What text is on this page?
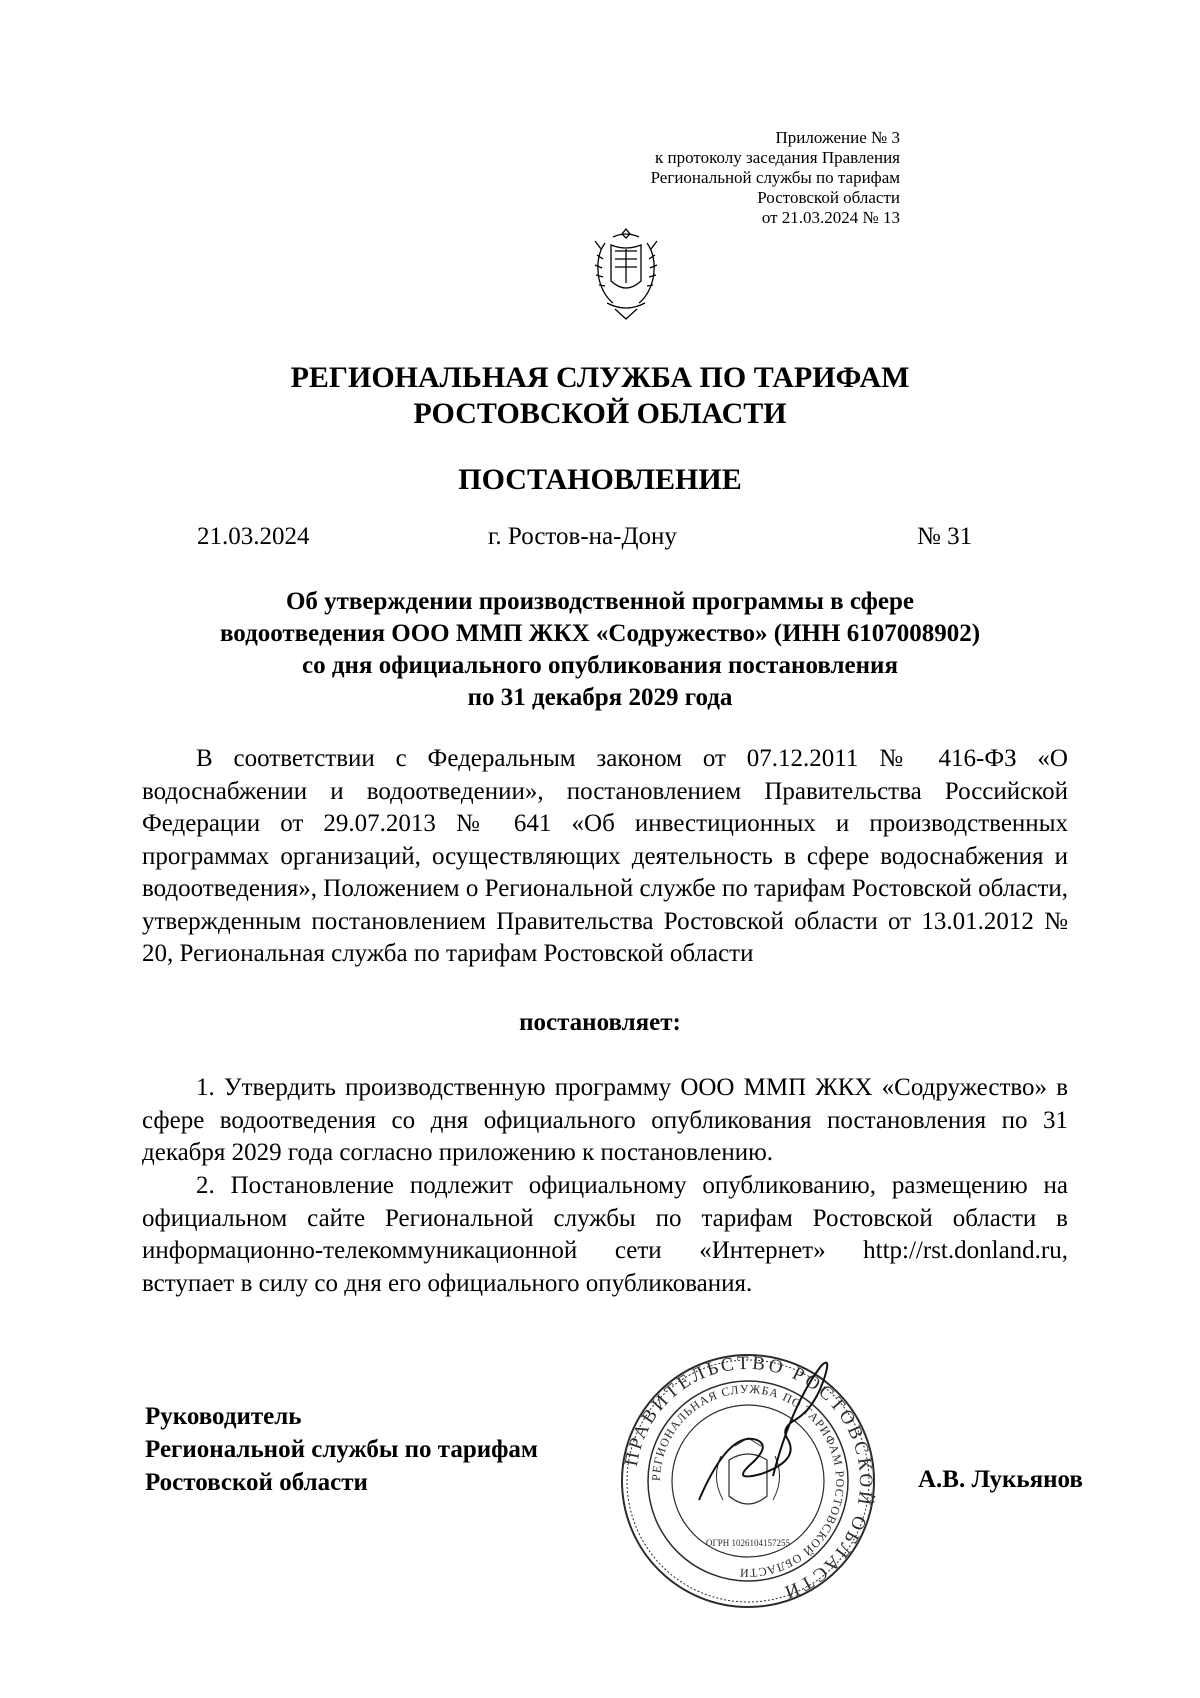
Приложение № 3
к протоколу заседания Правления
Региональной службы по тарифам
Ростовской области
от 21.03.2024 № 13
РЕГИОНАЛЬНАЯ СЛУЖБА ПО ТАРИФАМ
РОСТОВСКОЙ ОБЛАСТИ
ПОСТАНОВЛЕНИЕ
21.03.2024	г. Ростов-на-Дону	№ 31
Об утверждении производственной программы в сфере
водоотведения ООО ММП ЖКХ «Содружество» (ИНН 6107008902)
со дня официального опубликования постановления
по 31 декабря 2029 года
В соответствии с Федеральным законом от 07.12.2011 № 416-ФЗ «О водоснабжении и водоотведении», постановлением Правительства Российской Федерации от 29.07.2013 № 641 «Об инвестиционных и производственных программах организаций, осуществляющих деятельность в сфере водоснабжения и водоотведения», Положением о Региональной службе по тарифам Ростовской области, утвержденным постановлением Правительства Ростовской области от 13.01.2012 № 20, Региональная служба по тарифам Ростовской области
постановляет:
1. Утвердить производственную программу ООО ММП ЖКХ «Содружество» в сфере водоотведения со дня официального опубликования постановления по 31 декабря 2029 года согласно приложению к постановлению.
2. Постановление подлежит официальному опубликованию, размещению на официальном сайте Региональной службы по тарифам Ростовской области в информационно-телекоммуникационной сети «Интернет» http://rst.donland.ru, вступает в силу со дня его официального опубликования.
ПРАВИТЕЛЬСТВО РОСТОВСКОЙ ОБЛАСТИ
РЕГИОНАЛЬНАЯ СЛУЖБА ПО ТАРИФАМ РОСТОВСКОЙ ОБЛАСТИ
ОГРН 1026104157255
Руководитель
Региональной службы по тарифам
Ростовской области	А.В. Лукьянов
